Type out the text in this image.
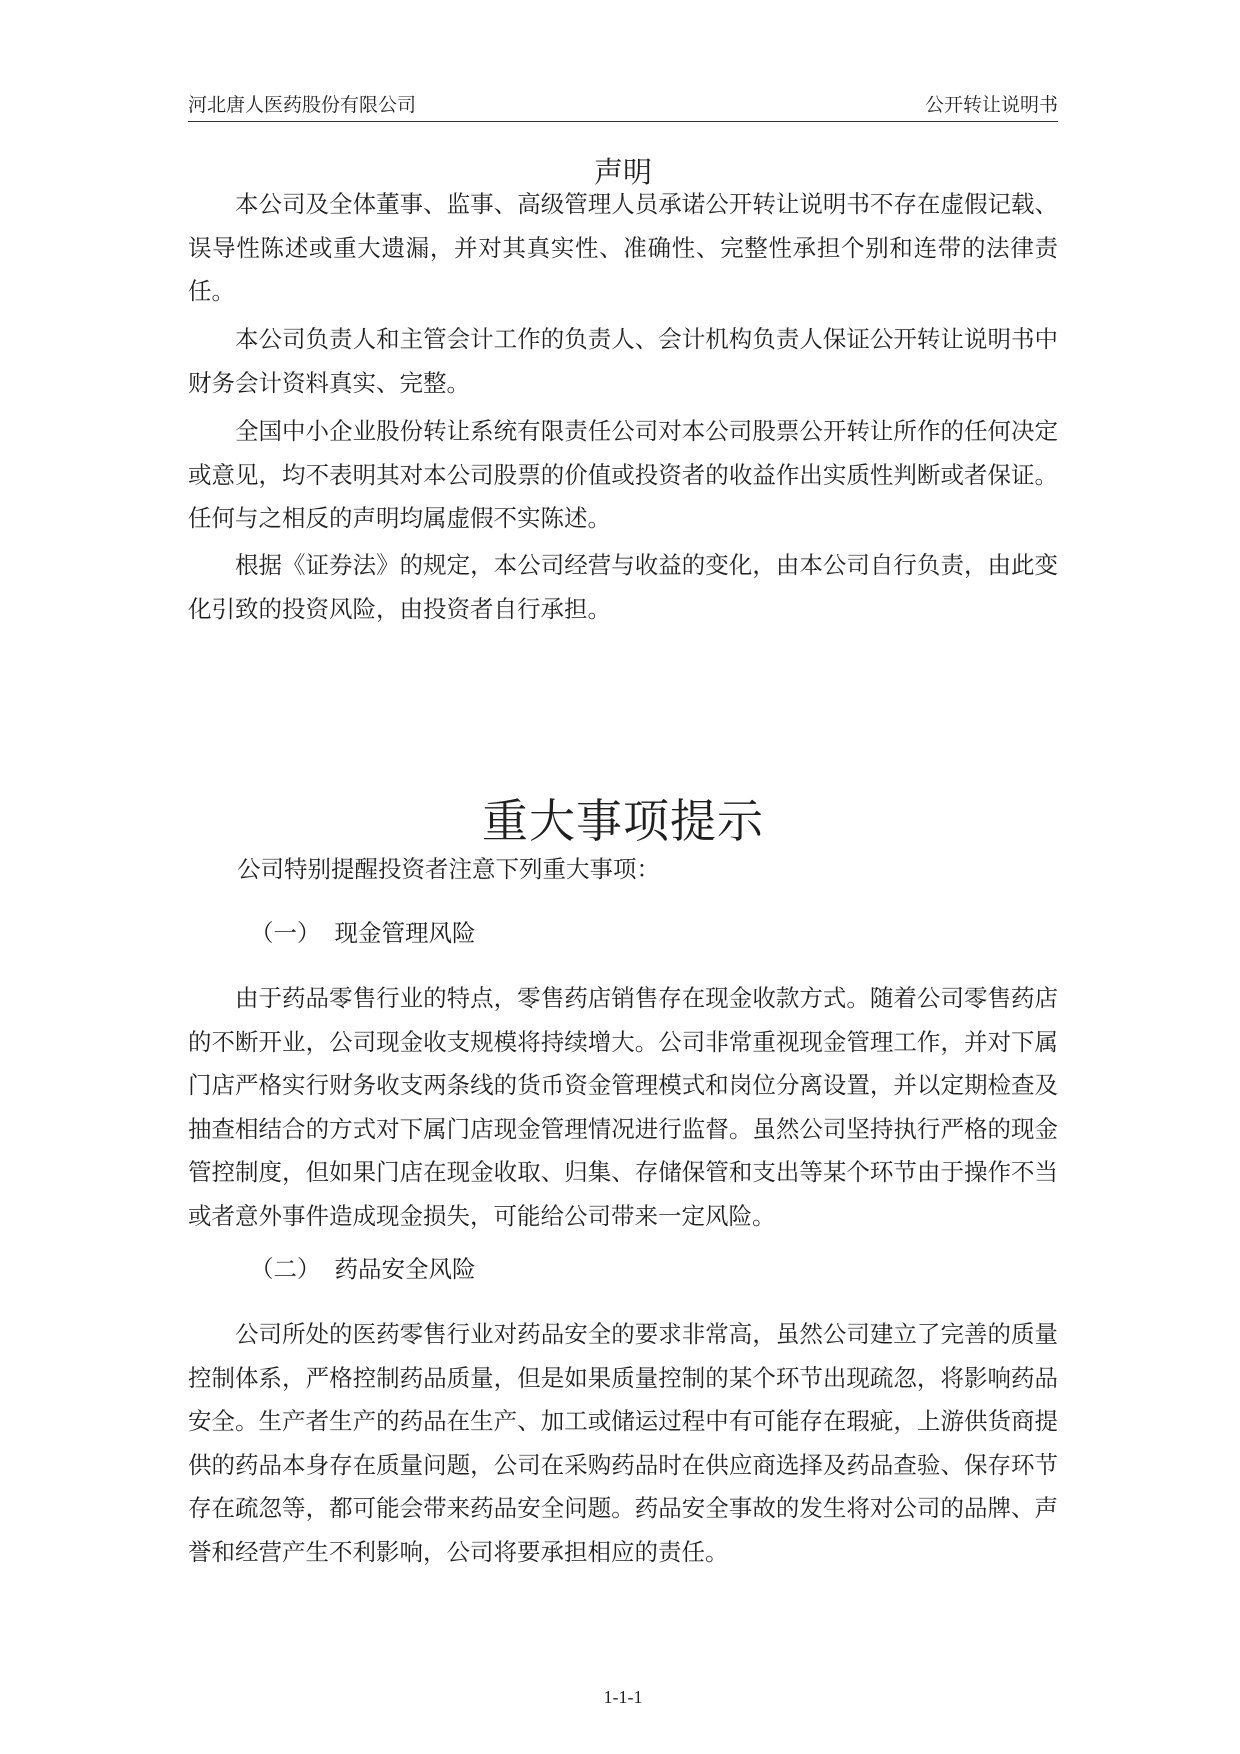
河北唐人医药股份有限公司	公开转让说明书
声明

本公司及全体董事、监事、高级管理人员承诺公开转让说明书不存在虚假记载、误导性陈述或重大遗漏，并对其真实性、准确性、完整性承担个别和连带的法律责任。

本公司负责人和主管会计工作的负责人、会计机构负责人保证公开转让说明书中财务会计资料真实、完整。

全国中小企业股份转让系统有限责任公司对本公司股票公开转让所作的任何决定或意见，均不表明其对本公司股票的价值或投资者的收益作出实质性判断或者保证。任何与之相反的声明均属虚假不实陈述。

根据《证券法》的规定，本公司经营与收益的变化，由本公司自行负责，由此变化引致的投资风险，由投资者自行承担。

重大事项提示

公司特别提醒投资者注意下列重大事项：

（一） 现金管理风险

由于药品零售行业的特点，零售药店销售存在现金收款方式。随着公司零售药店的不断开业，公司现金收支规模将持续增大。公司非常重视现金管理工作，并对下属门店严格实行财务收支两条线的货币资金管理模式和岗位分离设置，并以定期检查及抽查相结合的方式对下属门店现金管理情况进行监督。虽然公司坚持执行严格的现金管控制度，但如果门店在现金收取、归集、存储保管和支出等某个环节由于操作不当或者意外事件造成现金损失，可能给公司带来一定风险。

（二） 药品安全风险

公司所处的医药零售行业对药品安全的要求非常高，虽然公司建立了完善的质量控制体系，严格控制药品质量，但是如果质量控制的某个环节出现疏忽，将影响药品安全。生产者生产的药品在生产、加工或储运过程中有可能存在瑕疵，上游供货商提供的药品本身存在质量问题，公司在采购药品时在供应商选择及药品查验、保存环节存在疏忽等，都可能会带来药品安全问题。药品安全事故的发生将对公司的品牌、声誉和经营产生不利影响，公司将要承担相应的责任。

1-1-1
